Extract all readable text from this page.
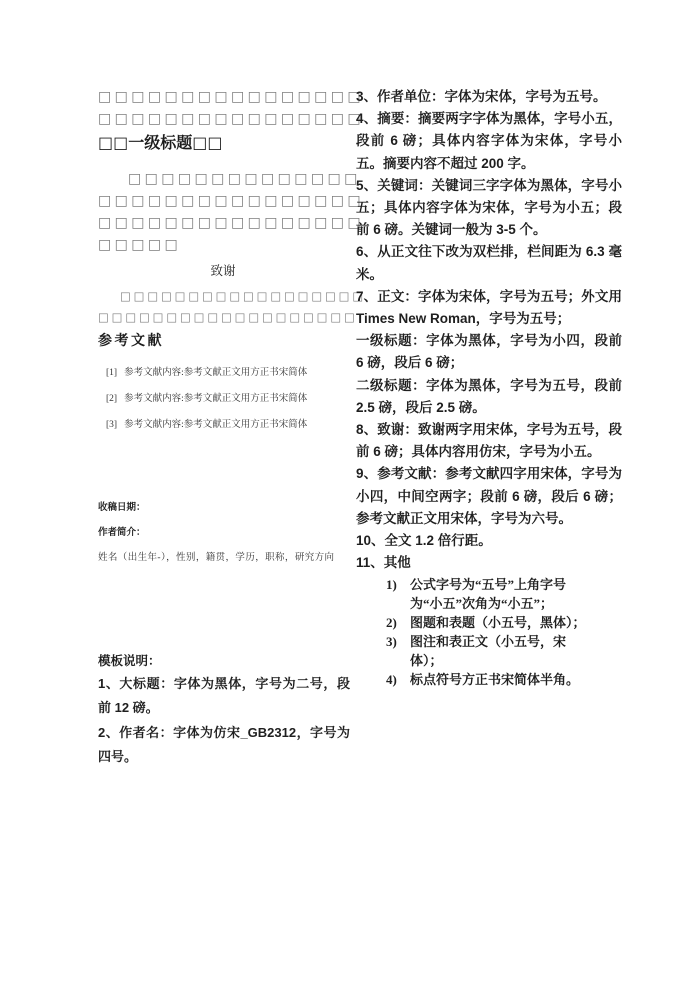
□□□□□□□□□□□□□□□□
□□□□□□□□□□□□□□□□
□□一级标题□□
□□□□□□□□□□□□□□
□□□□□□□□□□□□□□□□
□□□□□□□□□□□□□□□□
□□□□□
致谢
□□□□□□□□□□□□□□□□□□
□□□□□□□□□□□□□□□□□□□
参考文献
[1] 参考文献内容:参考文献正文用方正书宋简体
[2] 参考文献内容:参考文献正文用方正书宋简体
[3] 参考文献内容:参考文献正文用方正书宋简体
收稿日期：
作者简介：
姓名（出生年-），性别，籍贯，学历，职称，研究方向
模板说明：
1、大标题：字体为黑体，字号为二号，段前 12 磅。
2、作者名：字体为仿宋_GB2312，字号为四号。

3、作者单位：字体为宋体，字号为五号。

4、摘要：摘要两字字体为黑体，字号小五，段前 6 磅；具体内容字体为宋体，字号小五。摘要内容不超过 200 字。

5、关键词：关键词三字字体为黑体，字号小五；具体内容字体为宋体，字号为小五；段前 6 磅。关键词一般为 3-5 个。

6、从正文往下改为双栏排，栏间距为 6.3 毫米。

7、正文：字体为宋体，字号为五号；外文用 Times New Roman，字号为五号；

一级标题：字体为黑体，字号为小四，段前 6 磅，段后 6 磅；

二级标题：字体为黑体，字号为五号，段前 2.5 磅，段后 2.5 磅。

8、致谢：致谢两字用宋体，字号为五号，段前 6 磅；具体内容用仿宋，字号为小五。

9、参考文献：参考文献四字用宋体，字号为小四，中间空两字；段前 6 磅，段后 6 磅；参考文献正文用宋体，字号为六号。

10、全文 1.2 倍行距。

11、其他

1)	公式字号为“五号”上角字号为“小五”次角为“小五”；
2)	图题和表题（小五号，黑体）；
3)	图注和表正文（小五号，宋体）；
4)	标点符号方正书宋简体半角。
